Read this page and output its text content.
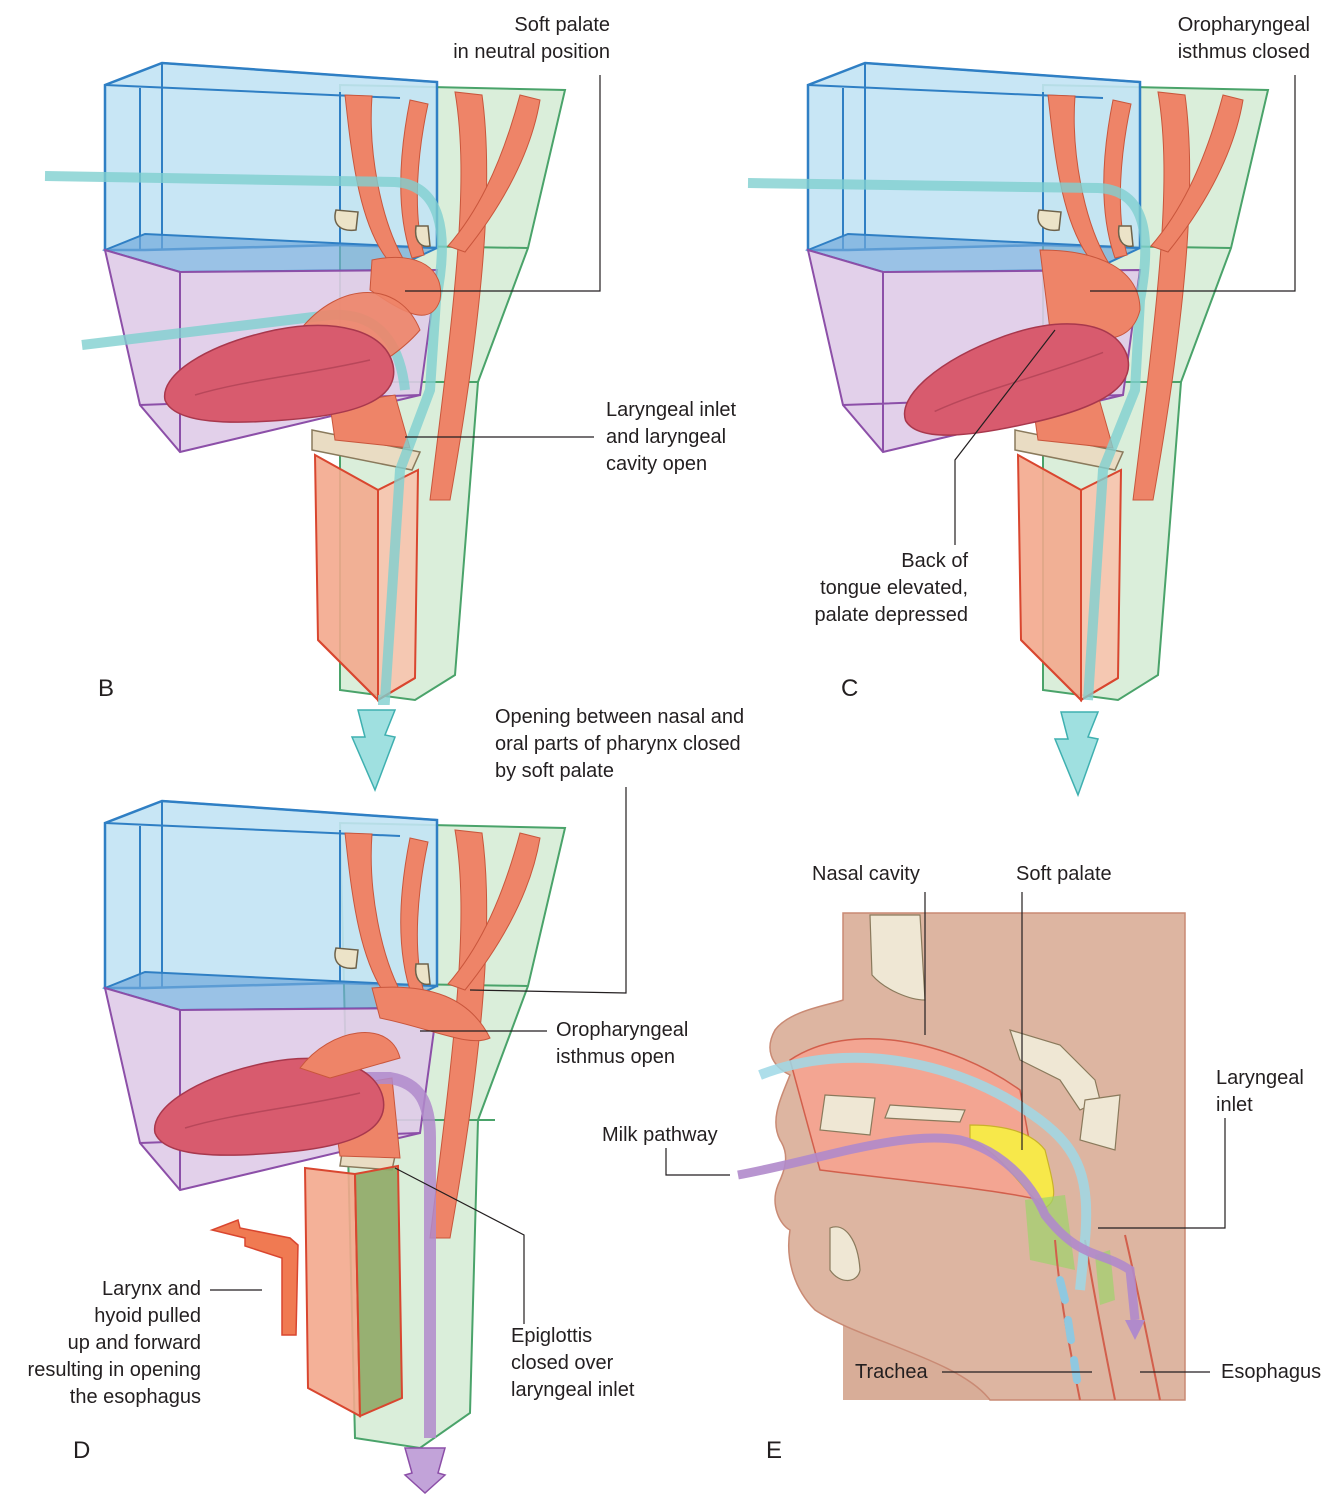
B	C
D	E
Soft palate
in neutral position
Laryngeal inlet
and laryngeal
cavity open
Oropharyngeal
isthmus closed
Back of
tongue elevated,
palate depressed
Opening between nasal and
oral parts of pharynx closed
by soft palate
Oropharyngeal
isthmus open
Larynx and
hyoid pulled
up and forward
resulting in opening
the esophagus
Epiglottis
closed over
laryngeal inlet
Nasal cavity	Soft palate
Laryngeal
inlet
Milk pathway
Trachea	Esophagus
